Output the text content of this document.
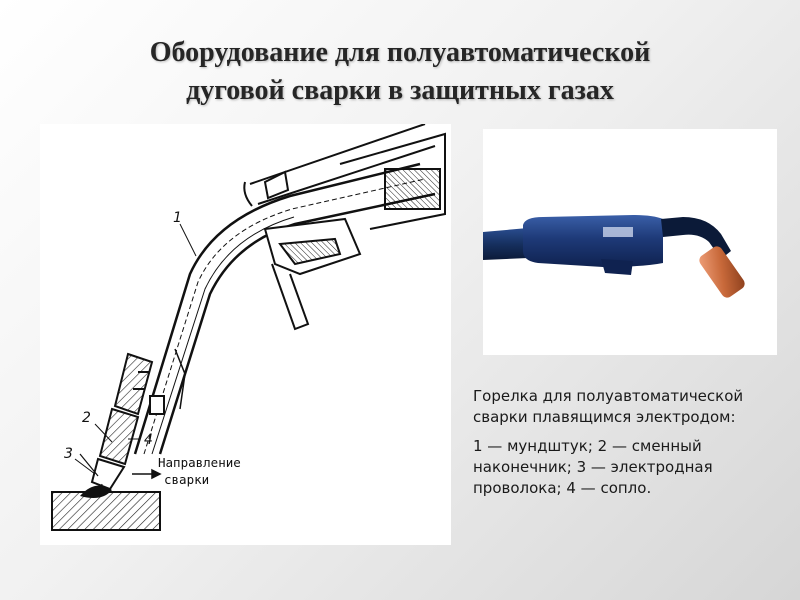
Оборудование для полуавтоматической
дуговой сварки в защитных газах
1
2
3
4
Направление
сварки

Горелка для полуавтоматической сварки плавящимся электродом:

1 — мундштук; 2 — сменный наконечник; 3 — электродная проволока; 4 — сопло.
